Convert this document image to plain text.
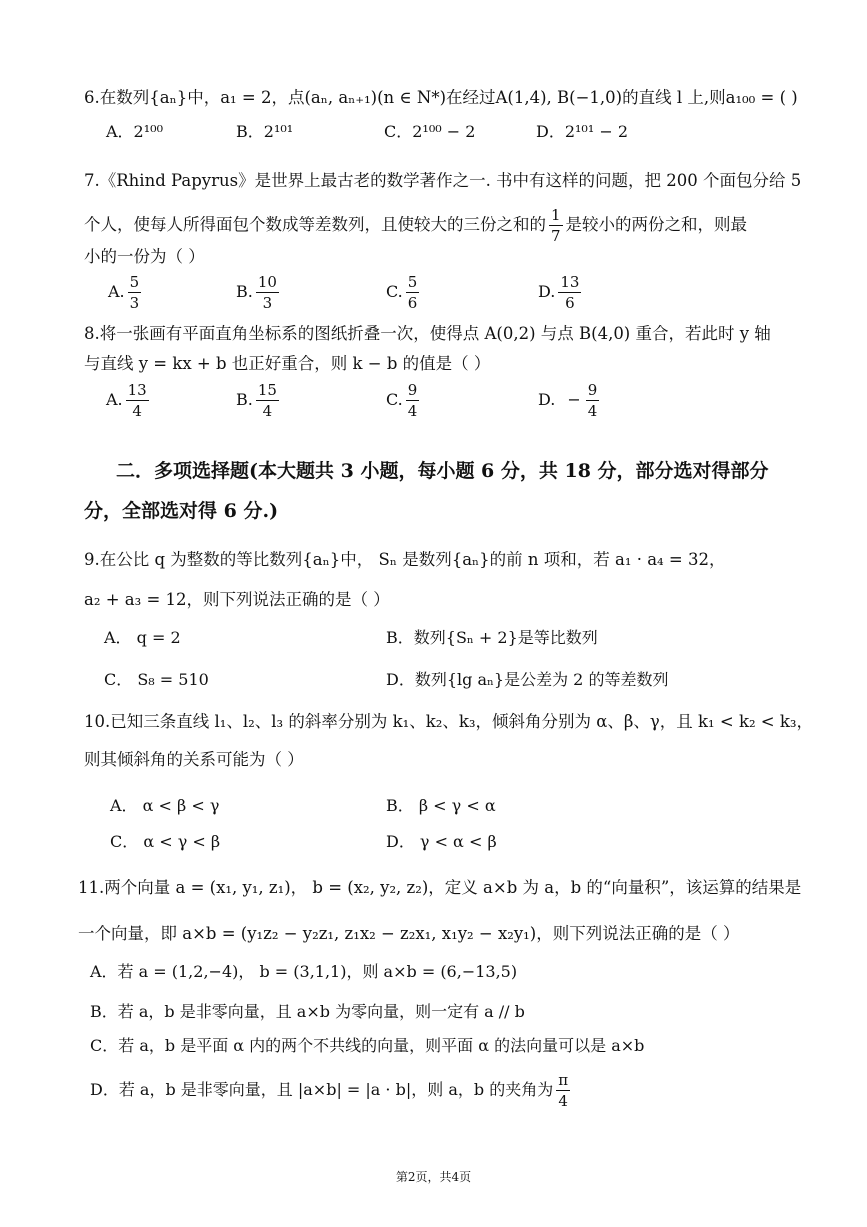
6.在数列{aₙ}中，a₁ = 2，点(aₙ, aₙ₊₁)(n ∈ N*)在经过A(1,4), B(−1,0)的直线 l 上,则a₁₀₀ = ( )
A．2¹⁰⁰	B．2¹⁰¹	C．2¹⁰⁰ − 2	D．2¹⁰¹ − 2
7.《Rhind Papyrus》是世界上最古老的数学著作之一. 书中有这样的问题，把 200 个面包分给 5
个人，使每人所得面包个数成等差数列，且使较大的三份之和的 $\frac{1}{7}$ 是较小的两份之和，则最
小的一份为（ ）
A. $\frac{5}{3}$	B. $\frac{10}{3}$	C. $\frac{5}{6}$	D. $\frac{13}{6}$
8.将一张画有平面直角坐标系的图纸折叠一次，使得点 A(0,2) 与点 B(4,0) 重合，若此时 y 轴
与直线 y = kx + b 也正好重合，则 k − b 的值是（ ）
A. $\frac{13}{4}$	B. $\frac{15}{4}$	C. $\frac{9}{4}$	D. − $\frac{9}{4}$
二．多项选择题(本大题共 3 小题，每小题 6 分，共 18 分，部分选对得部分
分，全部选对得 6 分.)
9.在公比 q 为整数的等比数列{aₙ}中， Sₙ 是数列{aₙ}的前 n 项和，若 a₁ · a₄ = 32，
a₂ + a₃ = 12，则下列说法正确的是（ ）
A． q = 2	B．数列{Sₙ + 2}是等比数列
C． S₈ = 510	D．数列{lg aₙ}是公差为 2 的等差数列
10.已知三条直线 l₁、l₂、l₃ 的斜率分别为 k₁、k₂、k₃，倾斜角分别为 α、β、γ，且 k₁ < k₂ < k₃，
则其倾斜角的关系可能为（ ）
A． α < β < γ	B． β < γ < α
C． α < γ < β	D． γ < α < β
11.两个向量 a = (x₁, y₁, z₁)， b = (x₂, y₂, z₂)，定义 a×b 为 a，b 的“向量积”，该运算的结果是
一个向量，即 a×b = (y₁z₂ − y₂z₁, z₁x₂ − z₂x₁, x₁y₂ − x₂y₁)，则下列说法正确的是（ ）
A．若 a = (1,2,−4)， b = (3,1,1)，则 a×b = (6,−13,5)
B．若 a，b 是非零向量，且 a×b 为零向量，则一定有 a // b
C．若 a，b 是平面 α 内的两个不共线的向量，则平面 α 的法向量可以是 a×b
D．若 a，b 是非零向量，且 |a×b| = |a · b|，则 a，b 的夹角为 $\frac{\pi}{4}$
第2页，共4页
